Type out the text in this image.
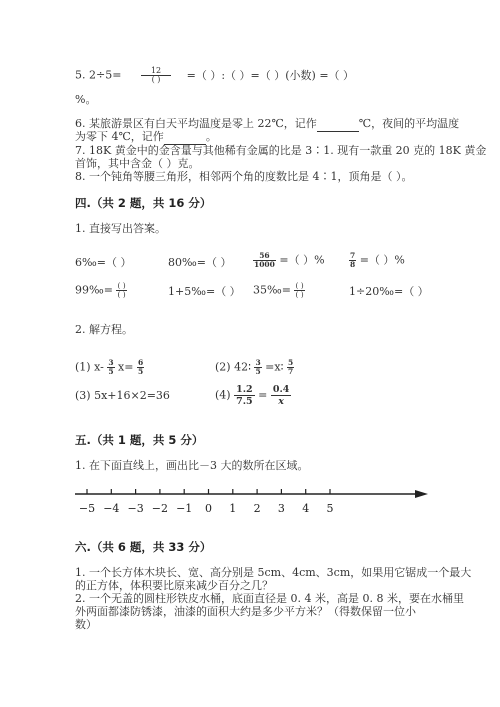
5. $2\div 5= \frac{12}{( )}$ =（ ）:（ ）=（ ）(小数) =（ ）
%。
6. 某旅游景区有白天平均温度是零上 22℃，记作	℃，夜间的平均温度
为零下 4℃，记作	。
7. 18K 黄金中的金含量与其他稀有金属的比是 3∶1. 现有一款重 20 克的 18K 黄金
首饰，其中含金（ ）克。
8. 一个钝角等腰三角形，相邻两个角的度数比是 4∶1，顶角是（ ）。
四.（共 2 题，共 16 分）
1. 直接写出答案。
6‰=（ ）	80‰=（ ）	$\frac{56}{1000}$ =（ ）%	$\frac{7}{8}$ =（ ）%
99‰= $\frac{( )}{( )}$	1+5‰=（ ） 35‰= $\frac{( )}{( )}$	1÷20‰=（ ）
2. 解方程。
(1) $x- \frac{3}{5} x= \frac{6}{5}$	(2) 42∶ $\frac{3}{5}$ =x∶ $\frac{5}{7}$
(3) 5x+16×2=36	$(4) \frac{1.2}{7.5} = \frac{0.4}{x}$
五.（共 1 题，共 5 分）
1. 在下面直线上，画出比－3 大的数所在区域。
−5 −4 −3 −2 −1 0 1 2 3 4 5
六.（共 6 题，共 33 分）
1. 一个长方体木块长、宽、高分别是 5cm、4cm、3cm，如果用它锯成一个最大
的正方体，体积要比原来减少百分之几？
2. 一个无盖的圆柱形铁皮水桶，底面直径是 0. 4 米，高是 0. 8 米，要在水桶里
外两面都漆防锈漆，油漆的面积大约是多少平方米？（得数保留一位小
数）
